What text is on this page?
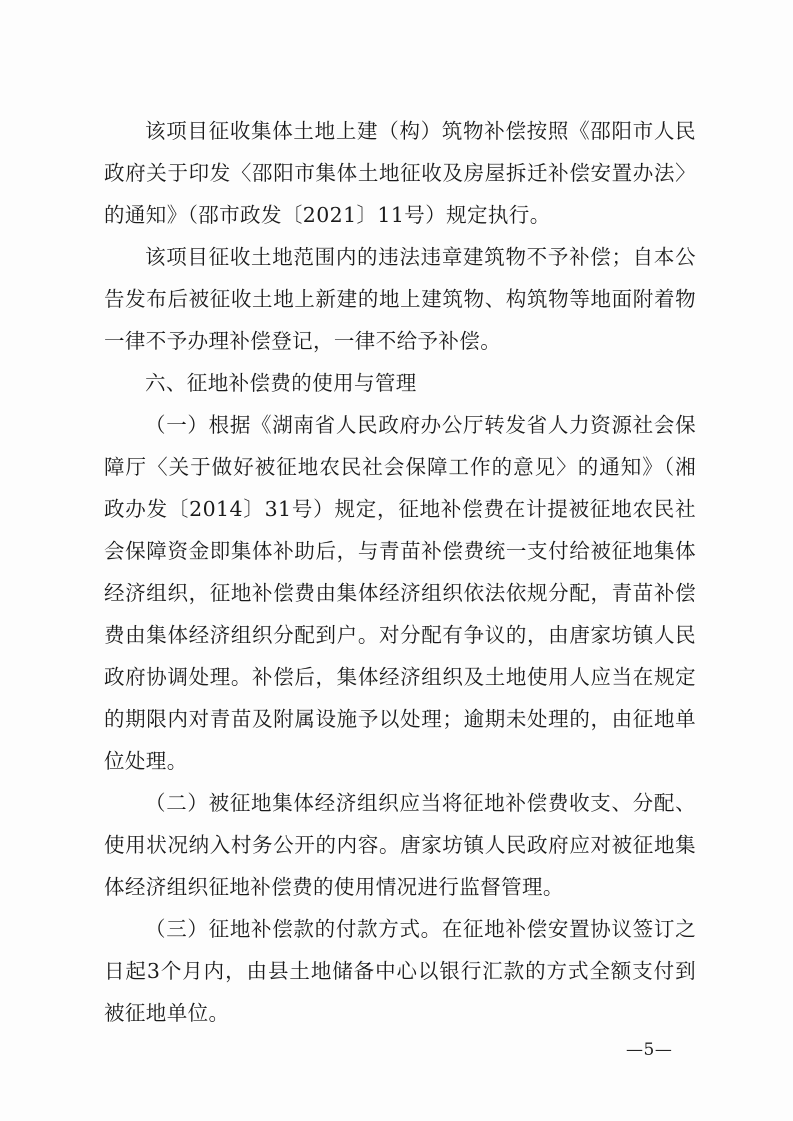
该项目征收集体土地上建（构）筑物补偿按照《邵阳市人民政府关于印发〈邵阳市集体土地征收及房屋拆迁补偿安置办法〉的通知》（邵市政发〔2021〕11号）规定执行。

该项目征收土地范围内的违法违章建筑物不予补偿；自本公告发布后被征收土地上新建的地上建筑物、构筑物等地面附着物一律不予办理补偿登记，一律不给予补偿。

六、征地补偿费的使用与管理

（一）根据《湖南省人民政府办公厅转发省人力资源社会保障厅〈关于做好被征地农民社会保障工作的意见〉的通知》（湘政办发〔2014〕31号）规定，征地补偿费在计提被征地农民社会保障资金即集体补助后，与青苗补偿费统一支付给被征地集体经济组织，征地补偿费由集体经济组织依法依规分配，青苗补偿费由集体经济组织分配到户。对分配有争议的，由唐家坊镇人民政府协调处理。补偿后，集体经济组织及土地使用人应当在规定的期限内对青苗及附属设施予以处理；逾期未处理的，由征地单位处理。

（二）被征地集体经济组织应当将征地补偿费收支、分配、使用状况纳入村务公开的内容。唐家坊镇人民政府应对被征地集体经济组织征地补偿费的使用情况进行监督管理。

（三）征地补偿款的付款方式。在征地补偿安置协议签订之日起3个月内，由县土地储备中心以银行汇款的方式全额支付到被征地单位。

—5—
